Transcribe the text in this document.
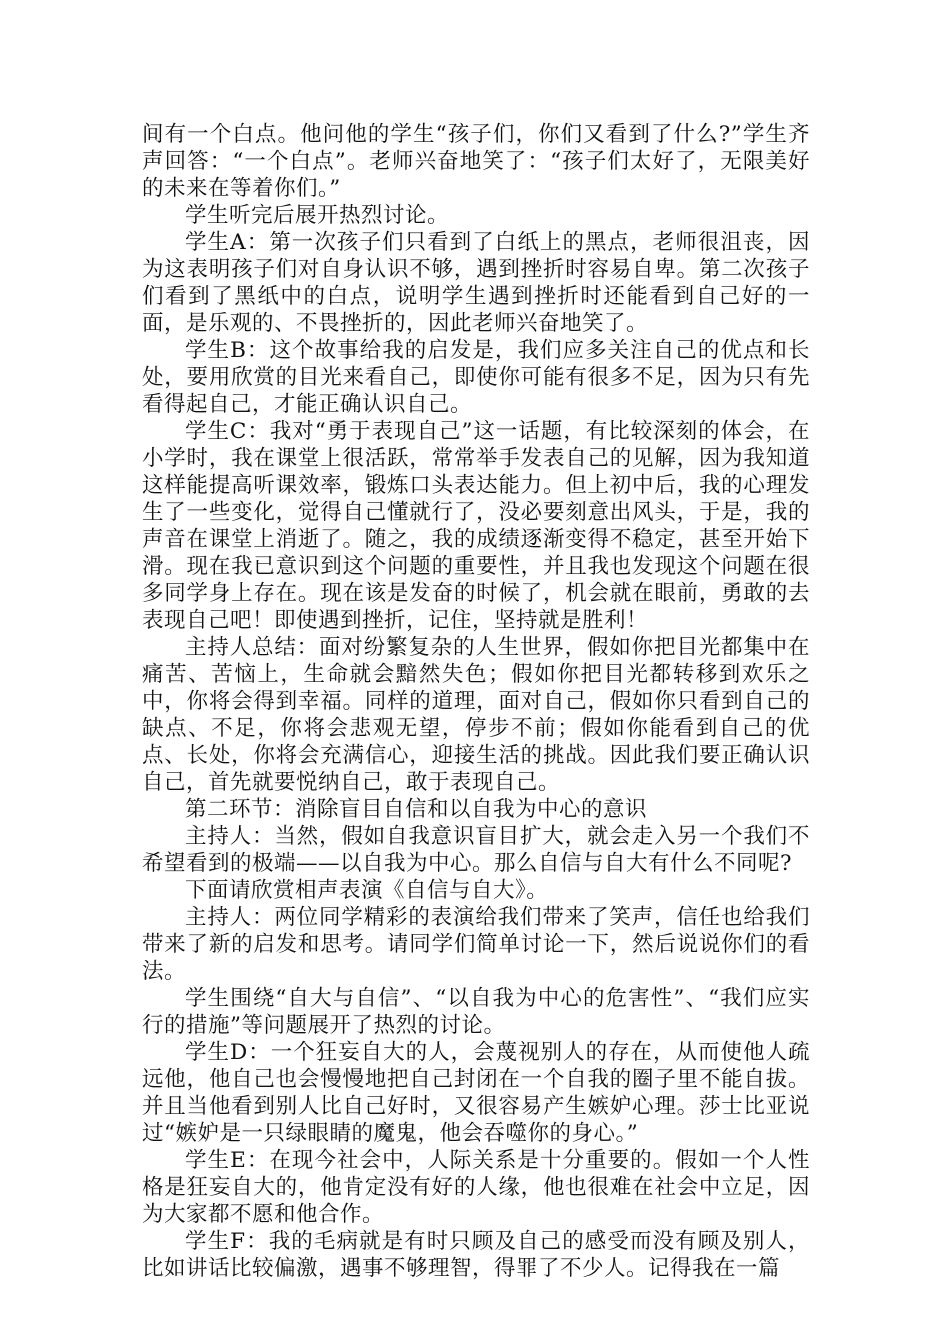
间有一个白点。他问他的学生“孩子们，你们又看到了什么?”学生齐声回答：“一个白点”。老师兴奋地笑了：“孩子们太好了，无限美好的未来在等着你们。”

学生听完后展开热烈讨论。

学生A：第一次孩子们只看到了白纸上的黑点，老师很沮丧，因为这表明孩子们对自身认识不够，遇到挫折时容易自卑。第二次孩子们看到了黑纸中的白点，说明学生遇到挫折时还能看到自己好的一面，是乐观的、不畏挫折的，因此老师兴奋地笑了。

学生B：这个故事给我的启发是，我们应多关注自己的优点和长处，要用欣赏的目光来看自己，即使你可能有很多不足，因为只有先看得起自己，才能正确认识自己。

学生C：我对“勇于表现自己”这一话题，有比较深刻的体会，在小学时，我在课堂上很活跃，常常举手发表自己的见解，因为我知道这样能提高听课效率，锻炼口头表达能力。但上初中后，我的心理发生了一些变化，觉得自己懂就行了，没必要刻意出风头，于是，我的声音在课堂上消逝了。随之，我的成绩逐渐变得不稳定，甚至开始下滑。现在我已意识到这个问题的重要性，并且我也发现这个问题在很多同学身上存在。现在该是发奋的时候了，机会就在眼前，勇敢的去表现自己吧！即使遇到挫折，记住，坚持就是胜利！

主持人总结：面对纷繁复杂的人生世界，假如你把目光都集中在痛苦、苦恼上，生命就会黯然失色；假如你把目光都转移到欢乐之中，你将会得到幸福。同样的道理，面对自己，假如你只看到自己的缺点、不足，你将会悲观无望，停步不前；假如你能看到自己的优点、长处，你将会充满信心，迎接生活的挑战。因此我们要正确认识自己，首先就要悦纳自己，敢于表现自己。

第二环节：消除盲目自信和以自我为中心的意识

主持人：当然，假如自我意识盲目扩大，就会走入另一个我们不希望看到的极端——以自我为中心。那么自信与自大有什么不同呢?

下面请欣赏相声表演《自信与自大》。

主持人：两位同学精彩的表演给我们带来了笑声，信任也给我们带来了新的启发和思考。请同学们简单讨论一下，然后说说你们的看法。

学生围绕“自大与自信”、“以自我为中心的危害性”、“我们应实行的措施”等问题展开了热烈的讨论。

学生D：一个狂妄自大的人，会蔑视别人的存在，从而使他人疏远他，他自己也会慢慢地把自己封闭在一个自我的圈子里不能自拔。并且当他看到别人比自己好时，又很容易产生嫉妒心理。莎士比亚说过“嫉妒是一只绿眼睛的魔鬼，他会吞噬你的身心。”

学生E：在现今社会中，人际关系是十分重要的。假如一个人性格是狂妄自大的，他肯定没有好的人缘，他也很难在社会中立足，因为大家都不愿和他合作。

学生F：我的毛病就是有时只顾及自己的感受而没有顾及别人，比如讲话比较偏激，遇事不够理智，得罪了不少人。记得我在一篇
